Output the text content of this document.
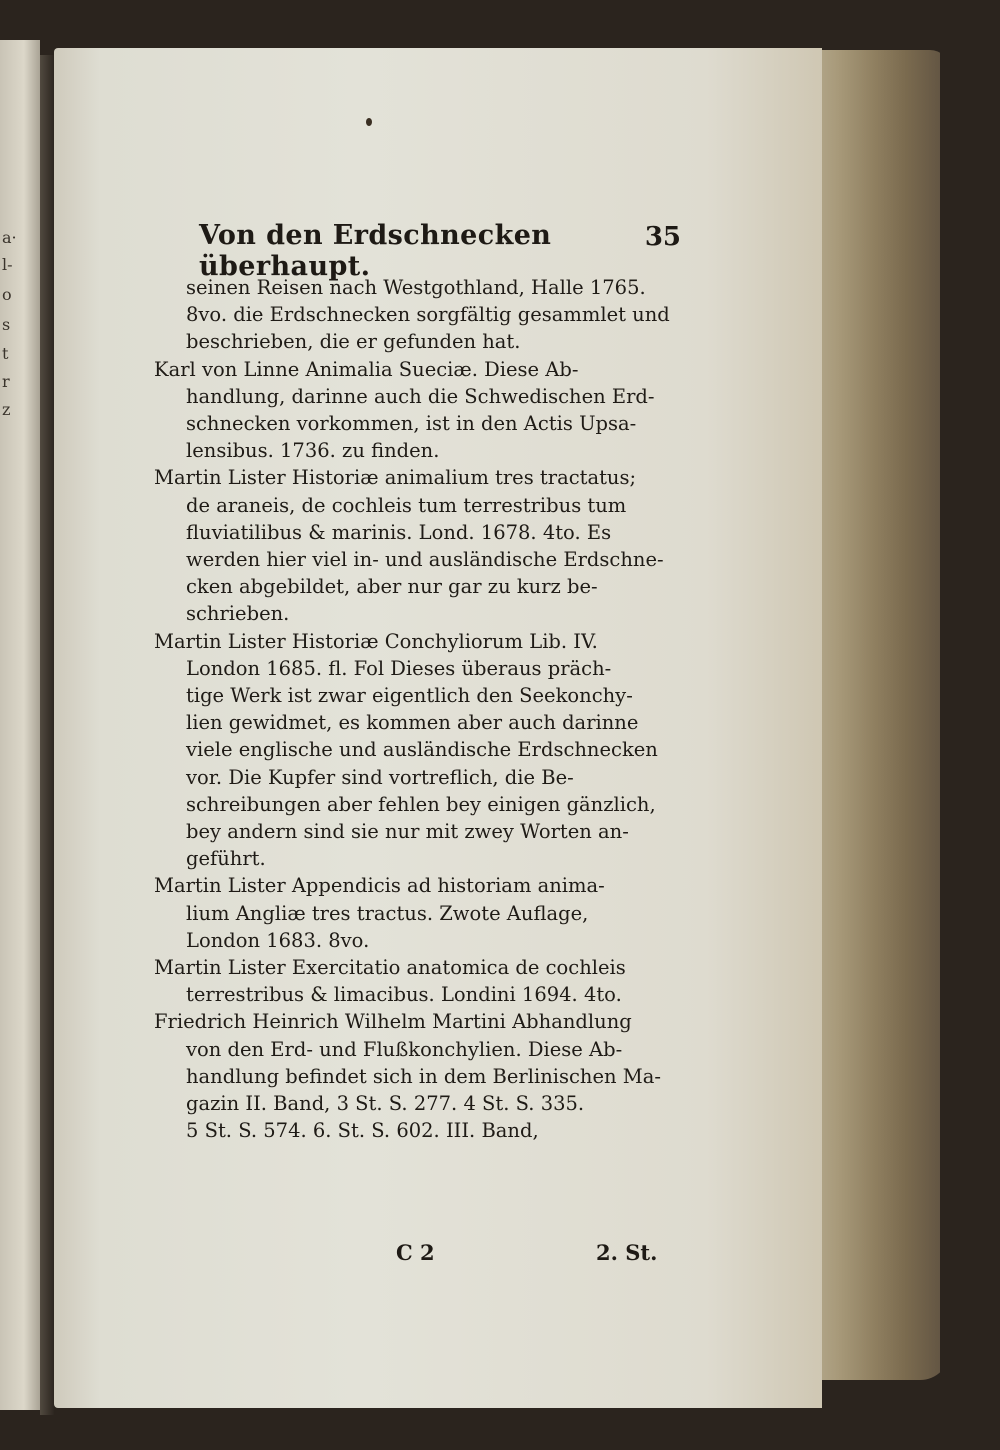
a·
l-
o
s
t
r
z
Von den Erdschnecken überhaupt.
35
seinen Reisen nach Westgothland, Halle 1765.
8vo. die Erdschnecken sorgfältig gesammlet und
beschrieben, die er gefunden hat.
Karl von Linne Animalia Sueciæ. Diese Ab-
handlung, darinne auch die Schwedischen Erd-
schnecken vorkommen, ist in den Actis Upsa-
lensibus. 1736. zu finden.
Martin Lister Historiæ animalium tres tractatus;
de araneis, de cochleis tum terrestribus tum
fluviatilibus & marinis. Lond. 1678. 4to. Es
werden hier viel in- und ausländische Erdschne-
cken abgebildet, aber nur gar zu kurz be-
schrieben.
Martin Lister Historiæ Conchyliorum Lib. IV.
London 1685. fl. Fol Dieses überaus präch-
tige Werk ist zwar eigentlich den Seekonchy-
lien gewidmet, es kommen aber auch darinne
viele englische und ausländische Erdschnecken
vor. Die Kupfer sind vortreflich, die Be-
schreibungen aber fehlen bey einigen gänzlich,
bey andern sind sie nur mit zwey Worten an-
geführt.
Martin Lister Appendicis ad historiam anima-
lium Angliæ tres tractus. Zwote Auflage,
London 1683. 8vo.
Martin Lister Exercitatio anatomica de cochleis
terrestribus & limacibus. Londini 1694. 4to.
Friedrich Heinrich Wilhelm Martini Abhandlung
von den Erd- und Flußkonchylien. Diese Ab-
handlung befindet sich in dem Berlinischen Ma-
gazin II. Band, 3 St. S. 277. 4 St. S. 335.
5 St. S. 574. 6. St. S. 602. III. Band,
C 2	2. St.
